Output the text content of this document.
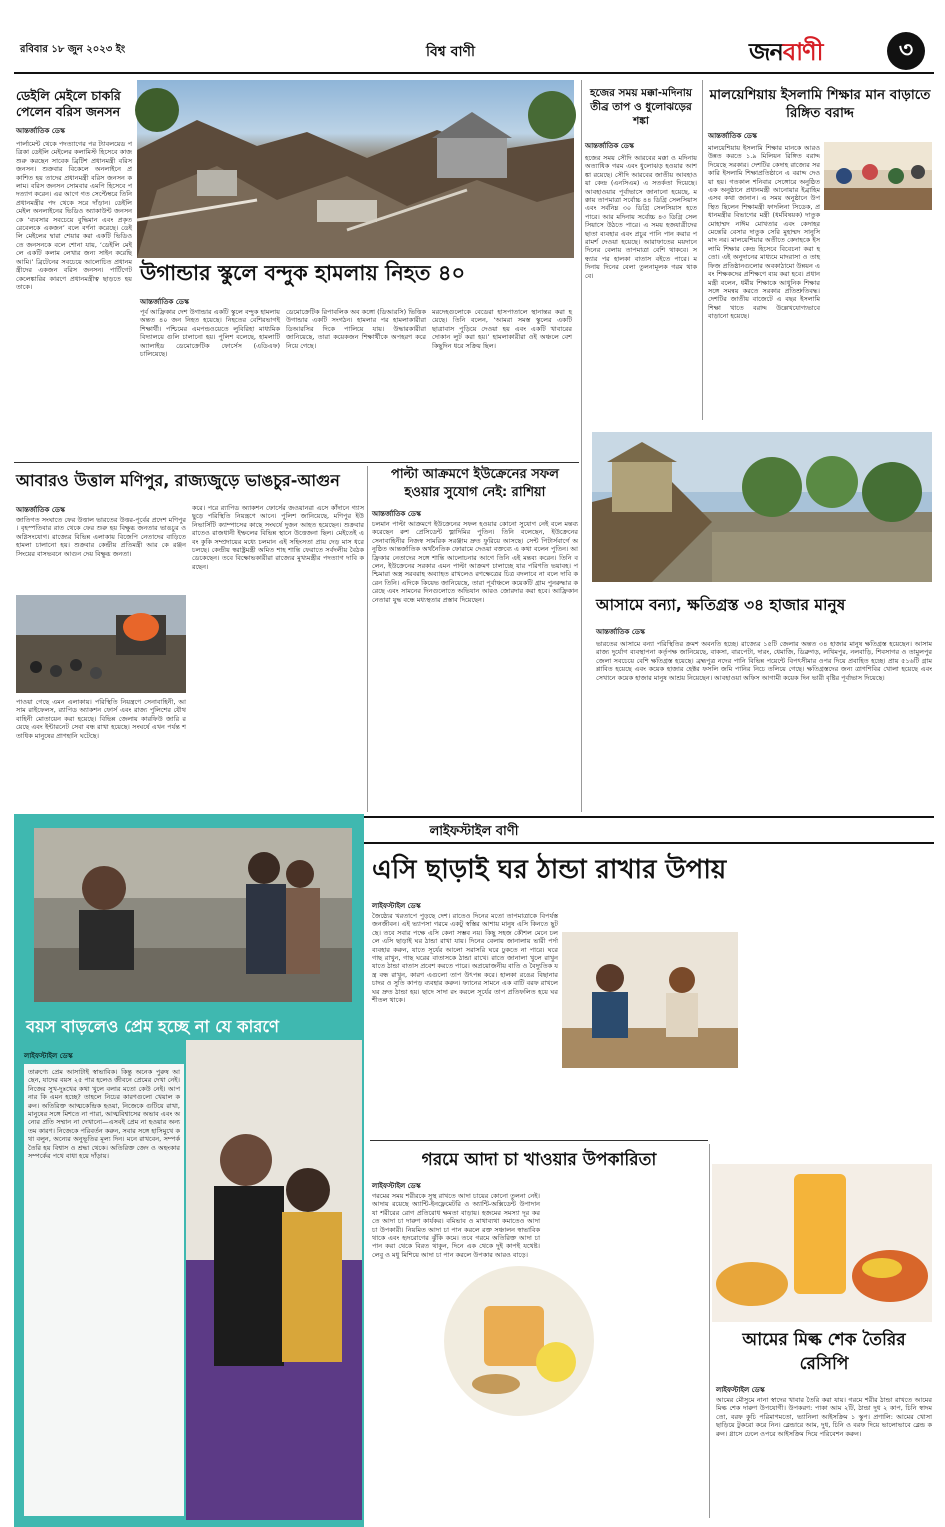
রবিবার ১৮ জুন ২০২৩ ইং	বিশ্ব বাণী	জনবাণী	৩
ডেইলি মেইলে চাকরি পেলেন বরিস জনসন
আন্তর্জাতিক ডেস্ক
পার্লামেন্ট থেকে পদত্যাগের পর ট্যাবলয়েড পত্রিকা ডেইলি মেইলের কলামিস্ট হিসেবে কাজ শুরু করছেন সাবেক ব্রিটিশ প্রধানমন্ত্রী বরিস জনসন। শুক্রবার বিকেলে অনলাইনে প্রকাশিত হয় তাদের প্রধানমন্ত্রী বরিস জনসন কলাম। বরিস জনসন সোমবার এমপি হিসেবে পদত্যাগ করেন। এর আগে গত সেপ্টেম্বরে তিনি প্রধানমন্ত্রীর পদ থেকে সরে দাঁড়ান। ডেইলি মেইল অনলাইনের ভিডিও অ্যাকাউন্ট জনসনকে ‘ব্যবসার সবচেয়ে বুদ্ধিমান এবং প্রকৃত রেবেলকে একজন’ বলে বর্ণনা করেছে। ডেইলি মেইলের দ্বারা শেয়ার করা একটি ভিডিওতে জনসনকে বলে শোনা যায়, ‘ডেইলি মেইলে একটি কলাম লেখার জন্য সাইন করেছি আমি।’ ব্রিটেনের সবচেয়ে আলোচিত প্রধানমন্ত্রীদের একজন বরিস জনসন। পার্টিগেট কেলেঙ্কারির কারণে প্রধানমন্ত্রীত্ব ছাড়তে হয় তাকে।
উগান্ডার স্কুলে বন্দুক হামলায় নিহত ৪০
আন্তর্জাতিক ডেস্ক
পূর্ব আফ্রিকার দেশ উগান্ডার একটি স্কুলে বন্দুক হামলায় অন্তত ৪০ জন নিহত হয়েছে। নিহতের বেশিরভাগই শিক্ষার্থী। পশ্চিমের এমপন্ডওয়েতে লুবিরিহা মাধ্যমিক বিদ্যালয়ে গুলি চালানো হয়। পুলিশ বলেছে, হামলাটি অ্যালাইড ডেমোক্রেটিক ফোর্সেস (এডিএফ) চালিয়েছে।
ডেমোক্রেটিক রিপাবলিক অব কঙ্গো (ডিআরসি) ভিত্তিক উগান্ডার একটি সংগঠন। হামলার পর হামলাকারীরা ডিআরসির দিকে পালিয়ে যায়। উদ্ধারকারীরা জানিয়েছে, তারা কয়েকজন শিক্ষার্থীকে অপহরণ করে নিয়ে গেছে।
মরদেহগুলোকে বেডেরা হাসপাতালে স্থানান্তর করা হয়েছে। তিনি বলেন, ‘আমরা সমস্ত স্কুলের একটি ছাত্রাবাস পুড়িয়ে দেওয়া হয় এবং একটি খাবারের দোকান লুট করা হয়।’ হামলাকারীরা ওই অঞ্চলে বেশ কিছুদিন ধরে সক্রিয় ছিল।
হজের সময় মক্কা-মদিনায় তীব্র তাপ ও ধুলোঝড়ের শঙ্কা
আন্তর্জাতিক ডেস্ক
হজের সময় সৌদি আরবের মক্কা ও মদিনায় অত্যাধিক গরম এবং ধুলোঝড় হওয়ার আশঙ্কা রয়েছে। সৌদি আরবের জাতীয় আবহাওয়া কেন্দ্র (এনসিএম) এ সতর্কতা দিয়েছে। আবহাওয়ার পূর্বাভাসে জানানো হয়েছে, মক্কায় তাপমাত্রা সর্বোচ্চ ৪৪ ডিগ্রি সেলসিয়াস এবং সর্বনিম্ন ৩০ ডিগ্রি সেলসিয়াস হতে পারে। আর মদিনায় সর্বোচ্চ ৪৩ ডিগ্রি সেলসিয়াসে উঠতে পারে। এ সময় হজযাত্রীদের ছাতা ব্যবহার এবং প্রচুর পানি পান করার পরামর্শ দেওয়া হয়েছে। আরাফাতের ময়দানে দিনের বেলায় তাপমাত্রা বেশি থাকবে। সন্ধ্যার পর হালকা বাতাস বইতে পারে। মদিনায় দিনের বেলা তুলনামূলক গরম থাকবে।
মালয়েশিয়ায় ইসলামি শিক্ষার মান বাড়াতে রিঙ্গিত বরাদ্দ
আন্তর্জাতিক ডেস্ক
মালয়েশিয়ায় ইসলামি শিক্ষার মানকে আরও উন্নত করতে ১.৯ মিলিয়ন রিঙ্গিত বরাদ্দ দিয়েছে সরকার। দেশটির কেদাহ রাজ্যের সরকারি ইসলামি শিক্ষাপ্রতিষ্ঠানে এ বরাদ্দ দেওয়া হয়। গতকাল শনিবার সেঙ্গোরে অনুষ্ঠিত এক অনুষ্ঠানে প্রধানমন্ত্রী আনোয়ার ইব্রাহিম এসব কথা জানান। এ সময় অনুষ্ঠানে উপস্থিত ছিলেন শিক্ষামন্ত্রী ফাদলিনা সিডেক, প্রধানমন্ত্রীর বিভাগের মন্ত্রী (ধর্মবিষয়ক) দাতুক মোহাম্মদ নাঈম মোখতার এবং কেদাহর মেন্তেরি বেসার দাতুক সেরি মুহাম্মদ সানুসি মাদ নর। মালয়েশিয়ার অতীতে কেদাহকে ইসলামি শিক্ষার কেন্দ্র হিসেবে বিবেচনা করা হতো। এই অনুদানের মাধ্যমে মাদরাসা ও তাহফিজ প্রতিষ্ঠানগুলোর অবকাঠামো উন্নয়ন এবং শিক্ষকদের প্রশিক্ষণে ব্যয় করা হবে। প্রধানমন্ত্রী বলেন, ধর্মীয় শিক্ষাকে আধুনিক শিক্ষার সঙ্গে সমন্বয় করতে সরকার প্রতিশ্রুতিবদ্ধ। দেশটির জাতীয় বাজেটে এ বছর ইসলামি শিক্ষা খাতে বরাদ্দ উল্লেখযোগ্যভাবে বাড়ানো হয়েছে।
আবারও উত্তাল মণিপুর, রাজ্যজুড়ে ভাঙচুর-আগুন
আন্তর্জাতিক ডেস্ক
জাতিগত সংঘাতে ফের উত্তাল ভারতের উত্তর-পূর্বের প্রদেশ মণিপুর। বৃহস্পতিবার রাত থেকে ফের শুরু হয় বিক্ষুব্ধ জনতার ভাঙচুর ও অগ্নিসংযোগ। রাজ্যের বিভিন্ন এলাকায় বিজেপি নেতাদের বাড়িতে হামলা চালানো হয়। শুক্রবার কেন্দ্রীয় প্রতিমন্ত্রী আর কে রঞ্জন সিংয়ের বাসভবনে আগুন দেয় বিক্ষুব্ধ জনতা।
পাওয়া গেছে এমন এলাকায়। পরিস্থিতি নিয়ন্ত্রণে সেনাবাহিনী, আসাম রাইফেলস, র‍্যাপিড অ্যাকশন ফোর্স এবং রাজ্য পুলিশের যৌথ বাহিনী মোতায়েন করা হয়েছে। বিভিন্ন জেলায় কারফিউ জারি রয়েছে এবং ইন্টারনেট সেবা বন্ধ রাখা হয়েছে। সংঘর্ষে এখন পর্যন্ত শতাধিক মানুষের প্রাণহানি ঘটেছে।
করে। পরে র‍্যাপিড অ্যাকশন ফোর্সের জওয়ানরা এসে কাঁদানে গ্যাস ছুড়ে পরিস্থিতি নিয়ন্ত্রণে আনে। পুলিশ জানিয়েছে, মণিপুর ইউনিভার্সিটি ক্যাম্পাসের কাছে সংঘর্ষে দুজন আহত হয়েছেন। শুক্রবার রাতেও রাজধানী ইম্ফলের বিভিন্ন স্থানে উত্তেজনা ছিল। মেইতেই এবং কুকি সম্প্রদায়ের মধ্যে চলমান এই সহিংসতা প্রায় দেড় মাস ধরে চলছে। কেন্দ্রীয় স্বরাষ্ট্রমন্ত্রী অমিত শাহ শান্তি ফেরাতে সর্বদলীয় বৈঠক ডেকেছেন। তবে বিক্ষোভকারীরা রাজ্যের মুখ্যমন্ত্রীর পদত্যাগ দাবি করছেন।
পাল্টা আক্রমণে ইউক্রেনের সফল হওয়ার সুযোগ নেই: রাশিয়া
আন্তর্জাতিক ডেস্ক
চলমান পাল্টা আক্রমণে ইউক্রেনের সফল হওয়ার কোনো সুযোগ নেই বলে মন্তব্য করেছেন রুশ প্রেসিডেন্ট ভ্লাদিমির পুতিন। তিনি বলেছেন, ইউক্রেনের সেনাবাহিনীর নিজস্ব সামরিক সরঞ্জাম দ্রুত ফুরিয়ে আসছে। সেন্ট পিটার্সবার্গে অনুষ্ঠিত আন্তর্জাতিক অর্থনৈতিক ফোরামে দেওয়া বক্তব্যে এ কথা বলেন পুতিন। আফ্রিকার নেতাদের সঙ্গে শান্তি আলোচনার আগে তিনি এই মন্তব্য করেন। তিনি বলেন, ইউক্রেনের সরকার এমন পাল্টা আক্রমণ চালাচ্ছে যার পরিণতি ভয়াবহ। পশ্চিমারা অস্ত্র সরবরাহ অব্যাহত রাখলেও রণক্ষেত্রের চিত্র বদলাবে না বলে দাবি করেন তিনি। এদিকে কিয়েভ জানিয়েছে, তারা পূর্বাঞ্চলে কয়েকটি গ্রাম পুনরুদ্ধার করেছে এবং সামনের দিনগুলোতে অভিযান আরও জোরদার করা হবে। আফ্রিকান নেতারা যুদ্ধ বন্ধে মধ্যস্থতার প্রস্তাব দিয়েছেন।	আসামে বন্যা, ক্ষতিগ্রস্ত ৩৪ হাজার মানুষ
আন্তর্জাতিক ডেস্ক
ভারতের আসামে বন্যা পরিস্থিতির ক্রমশ অবনতি হচ্ছে। রাজ্যের ১৫টি জেলার অন্তত ৩৪ হাজার মানুষ ক্ষতিগ্রস্ত হয়েছেন। আসাম রাজ্য দুর্যোগ ব্যবস্থাপনা কর্তৃপক্ষ জানিয়েছে, বাকসা, বারপেটা, দারং, ধেমাজি, ডিব্রুগড়, লখিমপুর, নলবাড়ি, শিবসাগর ও তামুলপুর জেলা সবচেয়ে বেশি ক্ষতিগ্রস্ত হয়েছে। ব্রহ্মপুত্র নদের পানি বিভিন্ন পয়েন্টে বিপৎসীমার ওপর দিয়ে প্রবাহিত হচ্ছে। প্রায় ৫১৬টি গ্রাম প্লাবিত হয়েছে এবং কয়েক হাজার হেক্টর ফসলি জমি পানির নিচে তলিয়ে গেছে। ক্ষতিগ্রস্তদের জন্য ত্রাণশিবির খোলা হয়েছে এবং সেখানে কয়েক হাজার মানুষ আশ্রয় নিয়েছেন। আবহাওয়া অফিস আগামী কয়েক দিন ভারী বৃষ্টির পূর্বাভাস দিয়েছে।
লাইফস্টাইল বাণী
বয়স বাড়লেও প্রেম হচ্ছে না যে কারণে
লাইফস্টাইল ডেস্ক
তারুণ্যে প্রেম আসাটাই স্বাভাবিক। কিন্তু অনেক পুরুষ আছেন, যাদের বয়স ২৫ পার হলেও জীবনে প্রেমের দেখা নেই। নিজের সুখ-দুঃখের কথা খুলে বলার মতো কেউ নেই। আপনার কি এমন হচ্ছে? তাহলে নিচের কারণগুলো খেয়াল করুন। অতিরিক্ত আত্মকেন্দ্রিক হওয়া, নিজেকে গুটিয়ে রাখা, মানুষের সঙ্গে মিশতে না পারা, আত্মবিশ্বাসের অভাব এবং অন্যের প্রতি সম্মান না দেখানো—এসবই প্রেম না হওয়ার অন্যতম কারণ। নিজেকে পরিবর্তন করুন, সবার সঙ্গে হাসিমুখে কথা বলুন, অন্যের অনুভূতির মূল্য দিন। মনে রাখবেন, সম্পর্ক তৈরি হয় বিশ্বাস ও শ্রদ্ধা থেকে। অতিরিক্ত জেদ ও অহংকার সম্পর্কের পথে বাধা হয়ে দাঁড়ায়।
এসি ছাড়াই ঘর ঠান্ডা রাখার উপায়
লাইফস্টাইল ডেস্ক
জৈষ্ঠ্যের খরতাপে পুড়ছে দেশ। রাতেও দিনের মতো তাপমাত্রাকে বিপর্যস্ত জনজীবন। এই ভ্যাপসা গরমে একটু স্বস্তির আশায় মানুষ এসি কিনতে ছুটছে। তবে সবার পক্ষে এসি কেনা সম্ভব নয়। কিছু সহজ কৌশল মেনে চললে এসি ছাড়াই ঘর ঠান্ডা রাখা যায়। দিনের বেলায় জানালায় ভারী পর্দা ব্যবহার করুন, যাতে সূর্যের আলো সরাসরি ঘরে ঢুকতে না পারে। ঘরে গাছ রাখুন, গাছ ঘরের বাতাসকে ঠান্ডা রাখে। রাতে জানালা খুলে রাখুন যাতে ঠান্ডা বাতাস প্রবেশ করতে পারে। অপ্রয়োজনীয় বাতি ও বৈদ্যুতিক যন্ত্র বন্ধ রাখুন, কারণ এগুলো তাপ উৎপন্ন করে। হালকা রঙের বিছানার চাদর ও সুতি কাপড় ব্যবহার করুন। ফ্যানের সামনে এক বাটি বরফ রাখলে ঘর দ্রুত ঠান্ডা হয়। ছাদে সাদা রং করলে সূর্যের তাপ প্রতিফলিত হয়ে ঘর শীতল থাকে।
গরমে আদা চা খাওয়ার উপকারিতা
লাইফস্টাইল ডেস্ক
গরমের সময় শরীরকে সুস্থ রাখতে আদা চায়ের কোনো তুলনা নেই। আদায় রয়েছে অ্যান্টি-ইনফ্লেমেটরি ও অ্যান্টি-অক্সিডেন্ট উপাদান যা শরীরের রোগ প্রতিরোধ ক্ষমতা বাড়ায়। হজমের সমস্যা দূর করতে আদা চা দারুণ কার্যকর। বমিভাব ও মাথাব্যথা কমাতেও আদা চা উপকারী। নিয়মিত আদা চা পান করলে রক্ত সঞ্চালন স্বাভাবিক থাকে এবং হৃদরোগের ঝুঁকি কমে। তবে গরমে অতিরিক্ত আদা চা পান করা থেকে বিরত থাকুন, দিনে এক থেকে দুই কাপই যথেষ্ট। লেবু ও মধু মিশিয়ে আদা চা পান করলে উপকার আরও বাড়ে।
আমের মিল্ক শেক তৈরির রেসিপি
লাইফস্টাইল ডেস্ক
আমের মৌসুমে নানা স্বাদের খাবার তৈরি করা যায়। গরমে শরীর ঠান্ডা রাখতে আমের মিল্ক শেক দারুণ উপযোগী। উপকরণ: পাকা আম ২টি, ঠান্ডা দুধ ২ কাপ, চিনি স্বাদমতো, বরফ কুচি পরিমাণমতো, ভ্যানিলা আইসক্রিম ১ স্কুপ। প্রণালি: আমের খোসা ছাড়িয়ে টুকরো করে নিন। ব্লেন্ডারে আম, দুধ, চিনি ও বরফ দিয়ে ভালোভাবে ব্লেন্ড করুন। গ্লাসে ঢেলে ওপরে আইসক্রিম দিয়ে পরিবেশন করুন।
